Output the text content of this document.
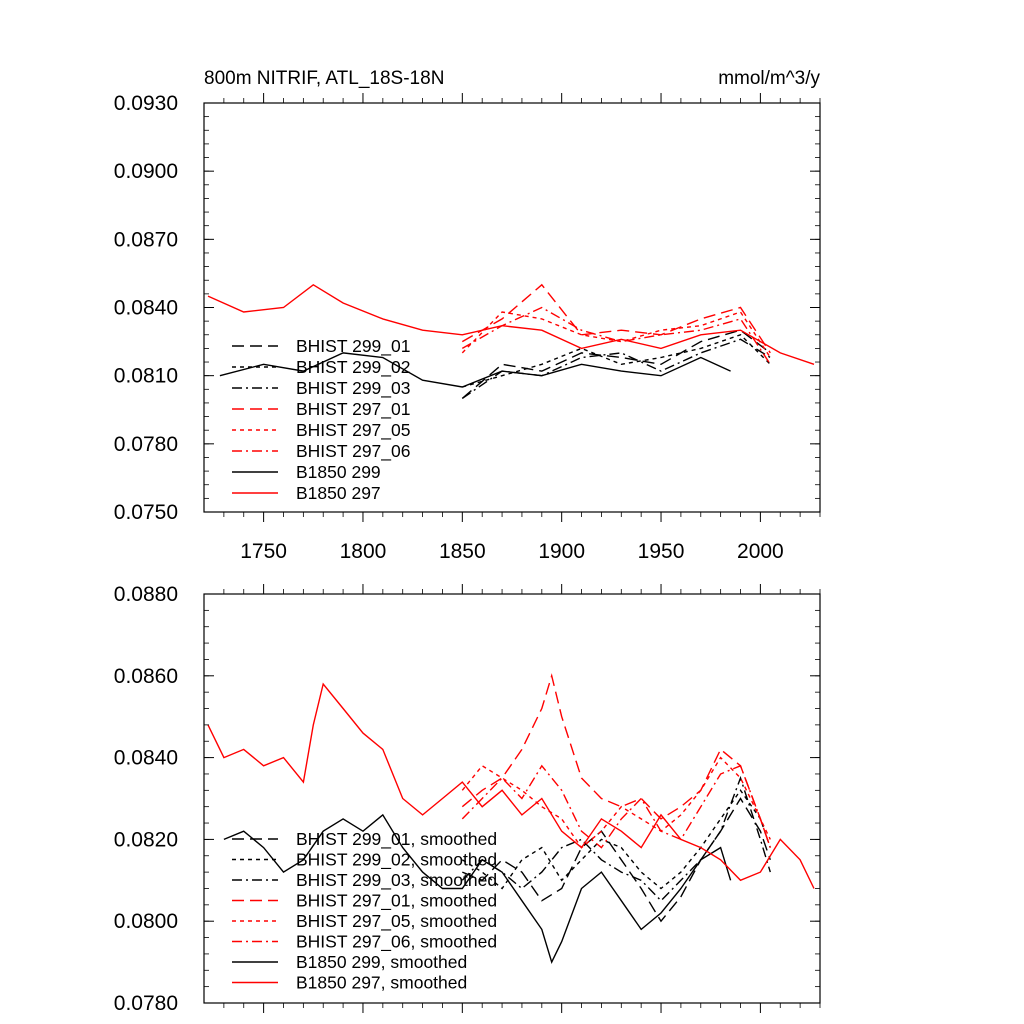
800m NITRIF, ATL_18S-18N	mmol/m^3/y
0.0750
0.0780
0.0810
0.0840
0.0870
0.0900
0.0930
1750	1800	1850	1900	1950	2000
BHIST 299_01
BHIST 299_02
BHIST 299_03
BHIST 297_01
BHIST 297_05
BHIST 297_06
B1850 299
B1850 297
0.0780
0.0800
0.0820
0.0840
0.0860
0.0880
BHIST 299_01, smoothed
BHIST 299_02, smoothed
BHIST 299_03, smoothed
BHIST 297_01, smoothed
BHIST 297_05, smoothed
BHIST 297_06, smoothed
B1850 299, smoothed
B1850 297, smoothed
